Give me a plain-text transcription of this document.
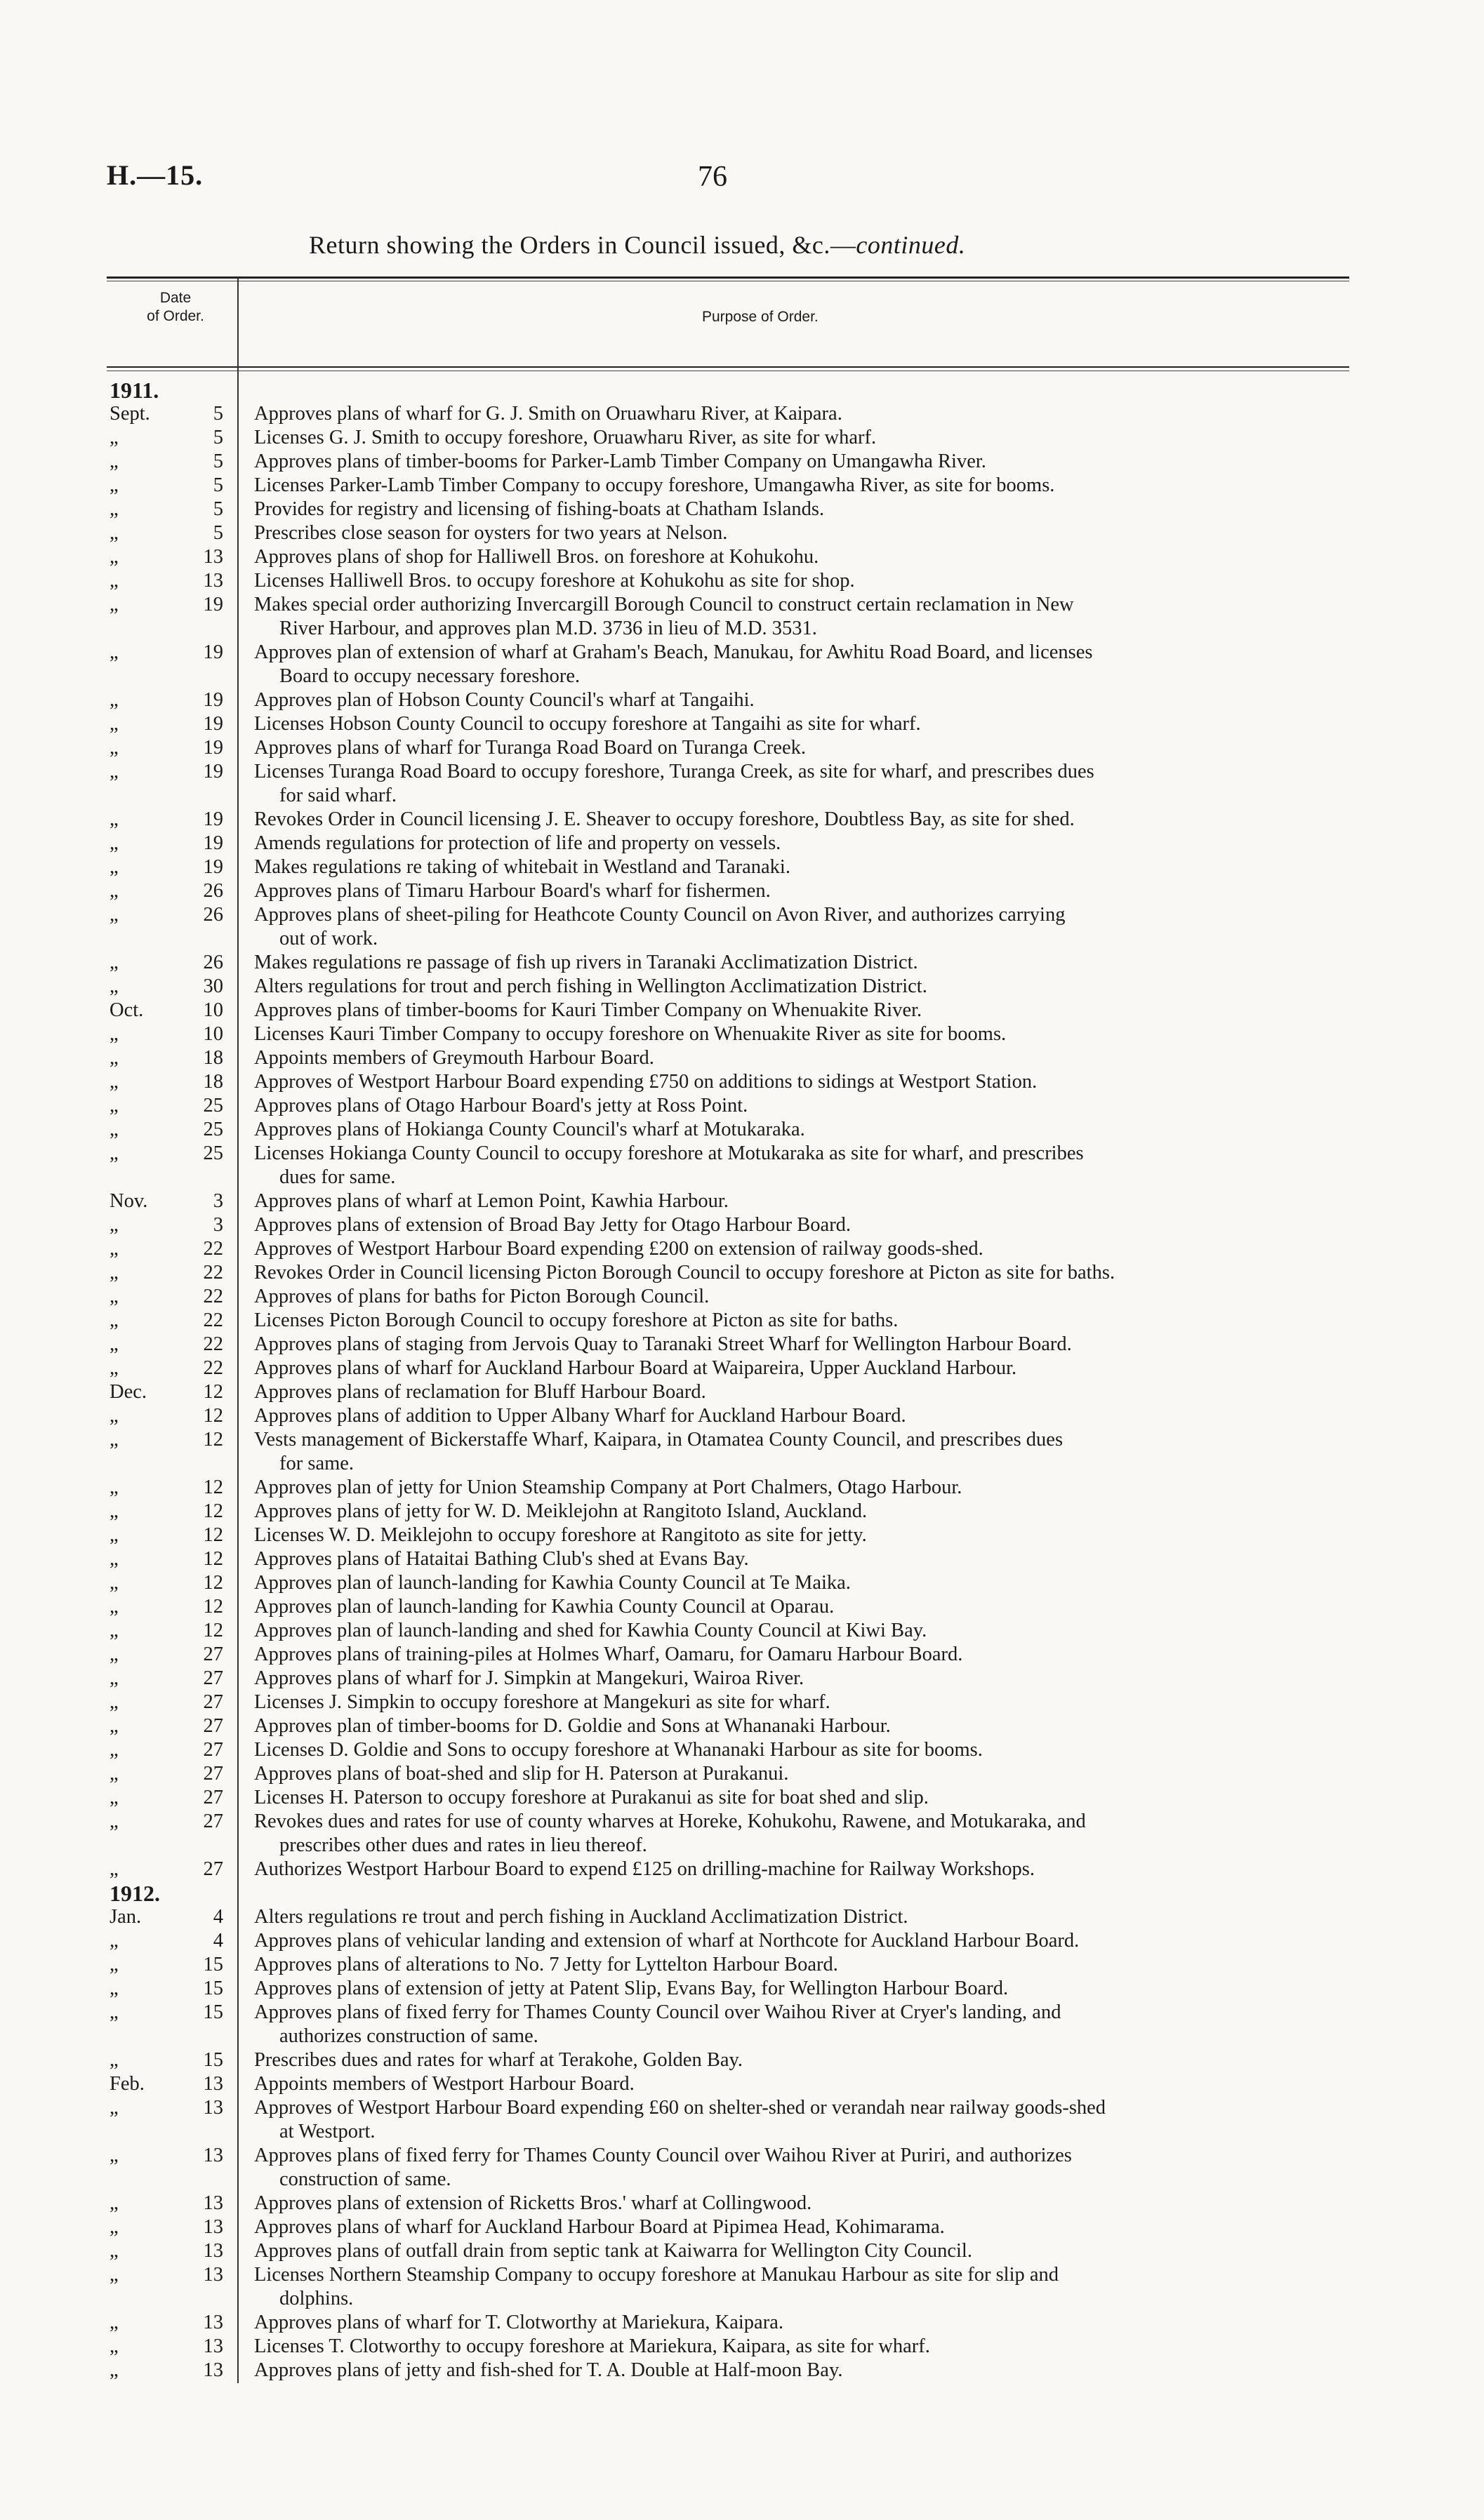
H.—15.	76
Return showing the Orders in Council issued, &c.—continued.
Date
of Order.	Purpose of Order.
1911.
Sept.	5 Approves plans of wharf for G. J. Smith on Oruawharu River, at Kaipara.
„	5 Licenses G. J. Smith to occupy foreshore, Oruawharu River, as site for wharf.
„	5 Approves plans of timber-booms for Parker-Lamb Timber Company on Umangawha River.
„	5 Licenses Parker-Lamb Timber Company to occupy foreshore, Umangawha River, as site for booms.
„	5 Provides for registry and licensing of fishing-boats at Chatham Islands.
„	5 Prescribes close season for oysters for two years at Nelson.
„	13 Approves plans of shop for Halliwell Bros. on foreshore at Kohukohu.
„	13 Licenses Halliwell Bros. to occupy foreshore at Kohukohu as site for shop.
„	19 Makes special order authorizing Invercargill Borough Council to construct certain reclamation in New
River Harbour, and approves plan M.D. 3736 in lieu of M.D. 3531.
„	19 Approves plan of extension of wharf at Graham's Beach, Manukau, for Awhitu Road Board, and licenses
Board to occupy necessary foreshore.
„	19 Approves plan of Hobson County Council's wharf at Tangaihi.
„	19 Licenses Hobson County Council to occupy foreshore at Tangaihi as site for wharf.
„	19 Approves plans of wharf for Turanga Road Board on Turanga Creek.
„	19 Licenses Turanga Road Board to occupy foreshore, Turanga Creek, as site for wharf, and prescribes dues
for said wharf.
„	19 Revokes Order in Council licensing J. E. Sheaver to occupy foreshore, Doubtless Bay, as site for shed.
„	19 Amends regulations for protection of life and property on vessels.
„	19 Makes regulations re taking of whitebait in Westland and Taranaki.
„	26 Approves plans of Timaru Harbour Board's wharf for fishermen.
„	26 Approves plans of sheet-piling for Heathcote County Council on Avon River, and authorizes carrying
out of work.
„	26 Makes regulations re passage of fish up rivers in Taranaki Acclimatization District.
„	30 Alters regulations for trout and perch fishing in Wellington Acclimatization District.
Oct.	10 Approves plans of timber-booms for Kauri Timber Company on Whenuakite River.
„	10 Licenses Kauri Timber Company to occupy foreshore on Whenuakite River as site for booms.
„	18 Appoints members of Greymouth Harbour Board.
„	18 Approves of Westport Harbour Board expending £750 on additions to sidings at Westport Station.
„	25 Approves plans of Otago Harbour Board's jetty at Ross Point.
„	25 Approves plans of Hokianga County Council's wharf at Motukaraka.
„	25 Licenses Hokianga County Council to occupy foreshore at Motukaraka as site for wharf, and prescribes
dues for same.
Nov.	3 Approves plans of wharf at Lemon Point, Kawhia Harbour.
„	3 Approves plans of extension of Broad Bay Jetty for Otago Harbour Board.
„	22 Approves of Westport Harbour Board expending £200 on extension of railway goods-shed.
„	22 Revokes Order in Council licensing Picton Borough Council to occupy foreshore at Picton as site for baths.
„	22 Approves of plans for baths for Picton Borough Council.
„	22 Licenses Picton Borough Council to occupy foreshore at Picton as site for baths.
„	22 Approves plans of staging from Jervois Quay to Taranaki Street Wharf for Wellington Harbour Board.
„	22 Approves plans of wharf for Auckland Harbour Board at Waipareira, Upper Auckland Harbour.
Dec.	12 Approves plans of reclamation for Bluff Harbour Board.
„	12 Approves plans of addition to Upper Albany Wharf for Auckland Harbour Board.
„	12 Vests management of Bickerstaffe Wharf, Kaipara, in Otamatea County Council, and prescribes dues
for same.
„	12 Approves plan of jetty for Union Steamship Company at Port Chalmers, Otago Harbour.
„	12 Approves plans of jetty for W. D. Meiklejohn at Rangitoto Island, Auckland.
„	12 Licenses W. D. Meiklejohn to occupy foreshore at Rangitoto as site for jetty.
„	12 Approves plans of Hataitai Bathing Club's shed at Evans Bay.
„	12 Approves plan of launch-landing for Kawhia County Council at Te Maika.
„	12 Approves plan of launch-landing for Kawhia County Council at Oparau.
„	12 Approves plan of launch-landing and shed for Kawhia County Council at Kiwi Bay.
„	27 Approves plans of training-piles at Holmes Wharf, Oamaru, for Oamaru Harbour Board.
„	27 Approves plans of wharf for J. Simpkin at Mangekuri, Wairoa River.
„	27 Licenses J. Simpkin to occupy foreshore at Mangekuri as site for wharf.
„	27 Approves plan of timber-booms for D. Goldie and Sons at Whananaki Harbour.
„	27 Licenses D. Goldie and Sons to occupy foreshore at Whananaki Harbour as site for booms.
„	27 Approves plans of boat-shed and slip for H. Paterson at Purakanui.
„	27 Licenses H. Paterson to occupy foreshore at Purakanui as site for boat shed and slip.
„	27 Revokes dues and rates for use of county wharves at Horeke, Kohukohu, Rawene, and Motukaraka, and
prescribes other dues and rates in lieu thereof.
„	27 Authorizes Westport Harbour Board to expend £125 on drilling-machine for Railway Workshops.
1912.
Jan.	4 Alters regulations re trout and perch fishing in Auckland Acclimatization District.
„	4 Approves plans of vehicular landing and extension of wharf at Northcote for Auckland Harbour Board.
„	15 Approves plans of alterations to No. 7 Jetty for Lyttelton Harbour Board.
„	15 Approves plans of extension of jetty at Patent Slip, Evans Bay, for Wellington Harbour Board.
„	15 Approves plans of fixed ferry for Thames County Council over Waihou River at Cryer's landing, and
authorizes construction of same.
„	15 Prescribes dues and rates for wharf at Terakohe, Golden Bay.
Feb.	13 Appoints members of Westport Harbour Board.
„	13 Approves of Westport Harbour Board expending £60 on shelter-shed or verandah near railway goods-shed
at Westport.
„	13 Approves plans of fixed ferry for Thames County Council over Waihou River at Puriri, and authorizes
construction of same.
„	13 Approves plans of extension of Ricketts Bros.' wharf at Collingwood.
„	13 Approves plans of wharf for Auckland Harbour Board at Pipimea Head, Kohimarama.
„	13 Approves plans of outfall drain from septic tank at Kaiwarra for Wellington City Council.
„	13 Licenses Northern Steamship Company to occupy foreshore at Manukau Harbour as site for slip and
dolphins.
„	13 Approves plans of wharf for T. Clotworthy at Mariekura, Kaipara.
„	13 Licenses T. Clotworthy to occupy foreshore at Mariekura, Kaipara, as site for wharf.
„	13 Approves plans of jetty and fish-shed for T. A. Double at Half-moon Bay.
